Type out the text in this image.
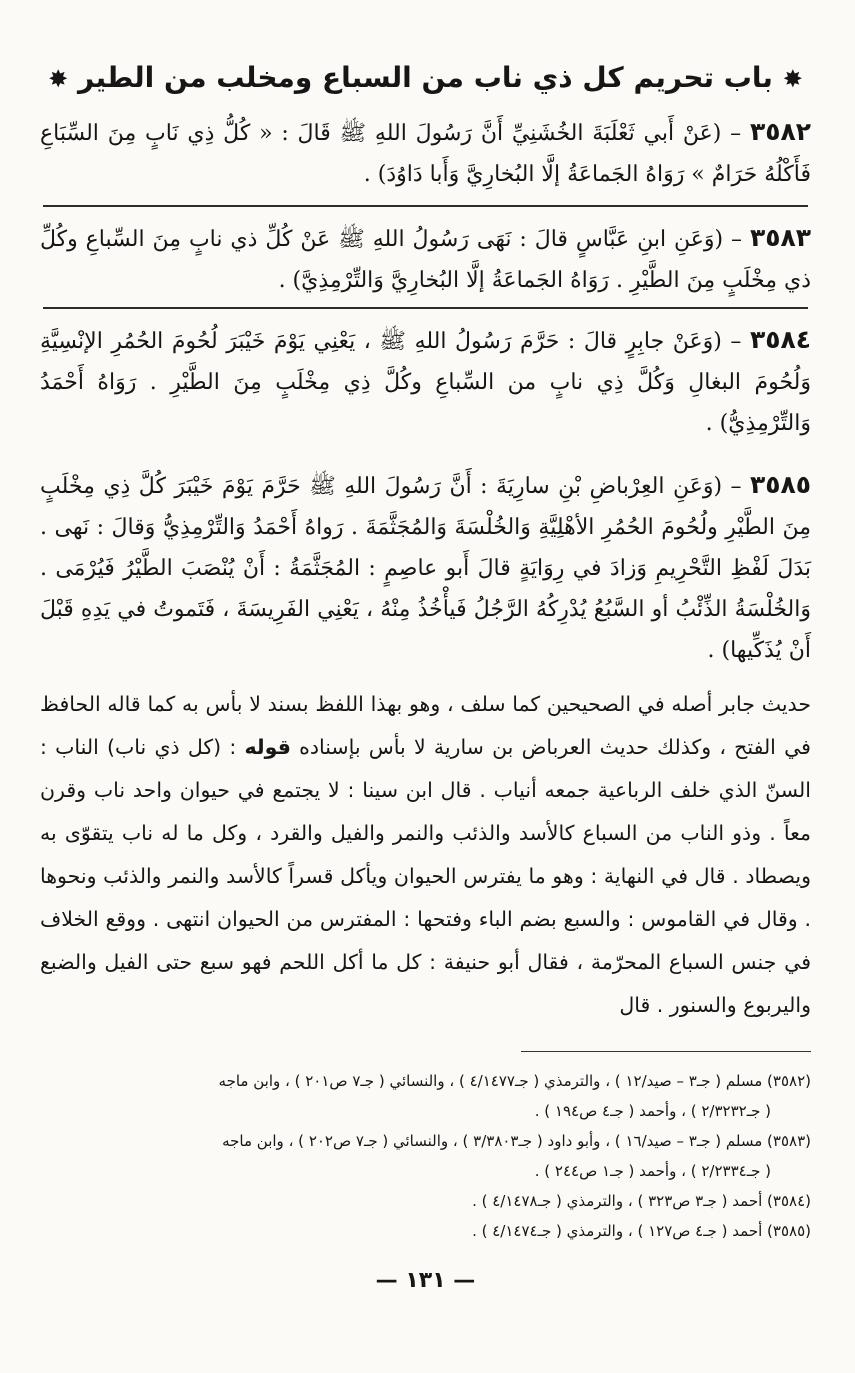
✸ باب تحريم كل ذي ناب من السباع ومخلب من الطير ✸

٣٥٨٢ – (عَنْ أَبي ثَعْلَبَةَ الخُشَنِيِّ أَنَّ رَسُولَ اللهِ ﷺ قَالَ : « كُلُّ ذِي نَابٍ مِنَ السِّبَاعِ فَأَكْلُهُ حَرَامٌ » رَوَاهُ الجَماعَةُ إلَّا البُخارِيَّ وَأَبا دَاوُدَ) .

٣٥٨٣ – (وَعَنِ ابنِ عَبَّاسٍ قالَ : نَهَى رَسُولُ اللهِ ﷺ عَنْ كُلِّ ذي نابٍ مِنَ السِّباعِ وكُلِّ ذي مِخْلَبٍ مِنَ الطَّيْرِ . رَوَاهُ الجَماعَةُ إلَّا البُخارِيَّ وَالتِّرْمِذِيَّ) .

٣٥٨٤ – (وَعَنْ جابِرٍ قالَ : حَرَّمَ رَسُولُ اللهِ ﷺ ، يَعْنِي يَوْمَ خَيْبَرَ لُحُومَ الحُمُرِ الإنْسِيَّةِ وَلُحُومَ البغالِ وَكُلَّ ذِي نابٍ من السِّباعِ وكُلَّ ذِي مِخْلَبٍ مِنَ الطَّيْرِ . رَوَاهُ أَحْمَدُ وَالتِّرْمِذِيُّ) .

٣٥٨٥ – (وَعَنِ العِرْباضِ بْنِ سارِيَةَ : أَنَّ رَسُولَ اللهِ ﷺ حَرَّمَ يَوْمَ خَيْبَرَ كُلَّ ذِي مِخْلَبٍ مِنَ الطَّيْرِ ولُحُومَ الحُمُرِ الأهْلِيَّةِ وَالخُلْسَةَ وَالمُجَثَّمَةَ . رَواهُ أَحْمَدُ وَالتِّرْمِذِيُّ وَقالَ : نَهى . بَدَلَ لَفْظِ التَّحْرِيمِ وَزادَ في رِوَايَةٍ قالَ أَبو عاصِمٍ : المُجَثَّمَةُ : أَنْ يُنْصَبَ الطَّيْرُ فَيُرْمَى . وَالخُلْسَةُ الذِّئْبُ أو السَّبُعُ يُدْرِكُهُ الرَّجُلُ فَيأْخُذُ مِنْهُ ، يَعْنِي الفَرِيسَةَ ، فَتَموتُ في يَدِهِ قَبْلَ أَنْ يُذَكِّيها) .

حديث جابر أصله في الصحيحين كما سلف ، وهو بهذا اللفظ بسند لا بأس به كما قاله الحافظ في الفتح ، وكذلك حديث العرباض بن سارية لا بأس بإسناده قوله : (كل ذي ناب) الناب : السنّ الذي خلف الرباعية جمعه أنياب . قال ابن سينا : لا يجتمع في حيوان واحد ناب وقرن معاً . وذو الناب من السباع كالأسد والذئب والنمر والفيل والقرد ، وكل ما له ناب يتقوّى به ويصطاد . قال في النهاية : وهو ما يفترس الحيوان ويأكل قسراً كالأسد والنمر والذئب ونحوها . وقال في القاموس : والسبع بضم الباء وفتحها : المفترس من الحيوان انتهى . ووقع الخلاف في جنس السباع المحرّمة ، فقال أبو حنيفة : كل ما أكل اللحم فهو سبع حتى الفيل والضبع واليربوع والسنور . قال

(٣٥٨٢) مسلم ( جـ٣ – صيد/١٢ ) ، والترمذي ( جـ٤/١٤٧٧ ) ، والنسائي ( جـ٧ ص٢٠١ ) ، وابن ماجه

( جـ٢/٣٢٣٢ ) ، وأحمد ( جـ٤ ص١٩٤ ) .

(٣٥٨٣) مسلم ( جـ٣ – صيد/١٦ ) ، وأبو داود ( جـ٣/٣٨٠٣ ) ، والنسائي ( جـ٧ ص٢٠٢ ) ، وابن ماجه

( جـ٢/٢٣٣٤ ) ، وأحمد ( جـ١ ص٢٤٤ ) .

(٣٥٨٤) أحمد ( جـ٣ ص٣٢٣ ) ، والترمذي ( جـ٤/١٤٧٨ ) .

(٣٥٨٥) أحمد ( جـ٤ ص١٢٧ ) ، والترمذي ( جـ٤/١٤٧٤ ) .

— ١٣١ —
